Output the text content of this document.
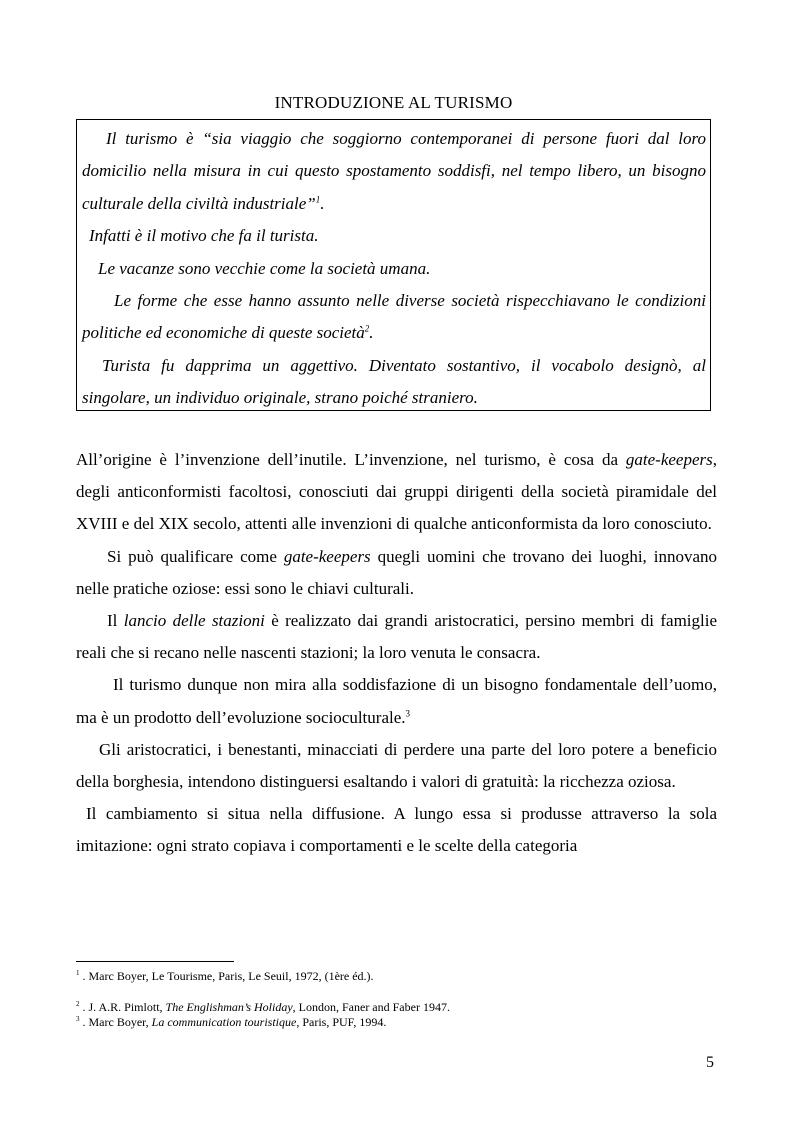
INTRODUZIONE AL TURISMO

Il turismo è “sia viaggio che soggiorno contemporanei di persone fuori dal loro domicilio nella misura in cui questo spostamento soddisfi, nel tempo libero, un bisogno culturale della civiltà industriale”$^1$.

Infatti è il motivo che fa il turista.

Le vacanze sono vecchie come la società umana.

Le forme che esse hanno assunto nelle diverse società rispecchiavano le condizioni politiche ed economiche di queste società$^2$.

Turista fu dapprima un aggettivo. Diventato sostantivo, il vocabolo designò, al singolare, un individuo originale, strano poiché straniero.

All’origine è l’invenzione dell’inutile. L’invenzione, nel turismo, è cosa da gate-keepers, degli anticonformisti facoltosi, conosciuti dai gruppi dirigenti della società piramidale del XVIII e del XIX secolo, attenti alle invenzioni di qualche anticonformista da loro conosciuto.

Si può qualificare come gate-keepers quegli uomini che trovano dei luoghi, innovano nelle pratiche oziose: essi sono le chiavi culturali.

Il lancio delle stazioni è realizzato dai grandi aristocratici, persino membri di famiglie reali che si recano nelle nascenti stazioni; la loro venuta le consacra.

Il turismo dunque non mira alla soddisfazione di un bisogno fondamentale dell’uomo, ma è un prodotto dell’evoluzione socioculturale.$^3$

Gli aristocratici, i benestanti, minacciati di perdere una parte del loro potere a beneficio della borghesia, intendono distinguersi esaltando i valori di gratuità: la ricchezza oziosa.

Il cambiamento si situa nella diffusione. A lungo essa si produsse attraverso la sola imitazione: ogni strato copiava i comportamenti e le scelte della categoria

$^1$ . Marc Boyer, Le Tourisme, Paris, Le Seuil, 1972, (1ère éd.).
$^2$ . J. A.R. Pimlott, The Englishman’s Holiday, London, Faner and Faber 1947.
$^3$ . Marc Boyer, La communication touristique, Paris, PUF, 1994.
5
